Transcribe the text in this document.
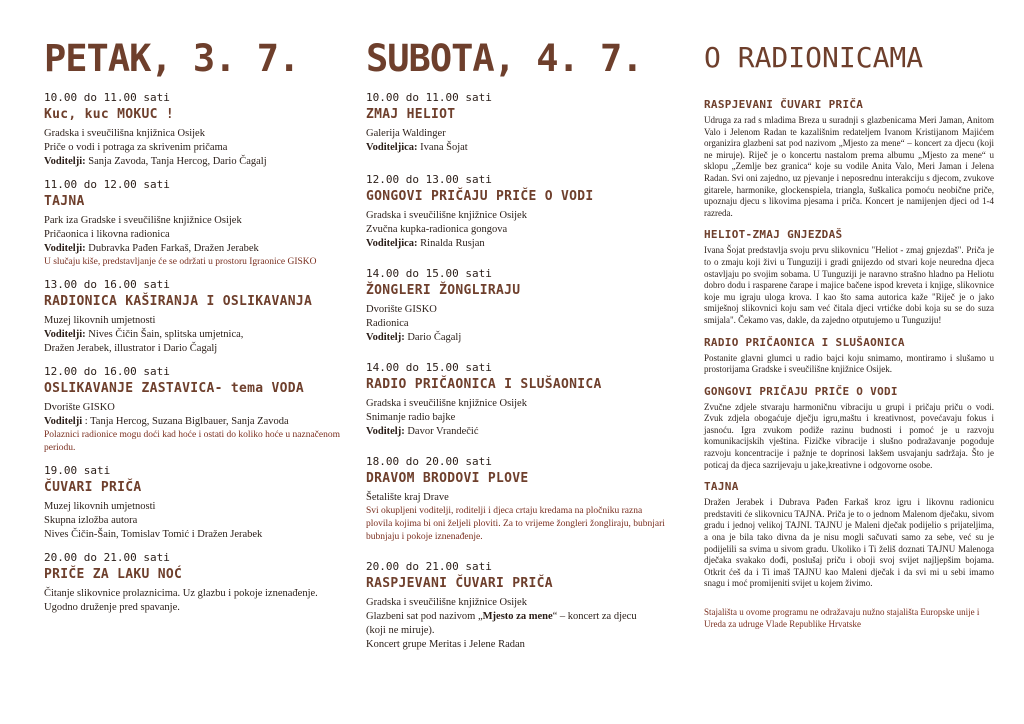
PETAK, 3. 7.
10.00 do 11.00 sati
Kuc, kuc MOKUC !
Gradska i sveučilišna knjižnica Osijek
Priče o vodi i potraga za skrivenim pričama
Voditelji: Sanja Zavoda, Tanja Hercog, Dario Čagalj
11.00 do 12.00 sati
TAJNA
Park iza Gradske i sveučilišne knjižnice Osijek
Pričaonica i likovna radionica
Voditelji: Dubravka Pađen Farkaš, Dražen Jerabek
U slučaju kiše, predstavljanje će se održati u prostoru Igraonice GISKO
13.00 do 16.00 sati
RADIONICA KAŠIRANJA I OSLIKAVANJA
Muzej likovnih umjetnosti
Voditelji: Nives Čičin Šain, splitska umjetnica,
Dražen Jerabek, illustrator i Dario Čagalj
12.00 do 16.00 sati
OSLIKAVANJE ZASTAVICA- tema VODA
Dvorište GISKO
Voditelji : Tanja Hercog, Suzana Biglbauer, Sanja Zavoda
Polaznici radionice mogu doći kad hoće i ostati do koliko hoće u naznačenom periodu.
19.00 sati
ČUVARI PRIČA
Muzej likovnih umjetnosti
Skupna izložba autora
Nives Čičin-Šain, Tomislav Tomić i Dražen Jerabek
20.00 do 21.00 sati
PRIČE ZA LAKU NOĆ
Čitanje slikovnice prolaznicima. Uz glazbu i pokoje iznenađenje.
Ugodno druženje pred spavanje.
SUBOTA, 4. 7.
10.00 do 11.00 sati
ZMAJ HELIOT
Galerija Waldinger
Voditeljica: Ivana Šojat
12.00 do 13.00 sati
GONGOVI PRIČAJU PRIČE O VODI
Gradska i sveučilišne knjižnice Osijek
Zvučna kupka-radionica gongova
Voditeljica: Rinalda Rusjan
14.00 do 15.00 sati
ŽONGLERI ŽONGLIRAJU
Dvorište GISKO
Radionica
Voditelj: Dario Čagalj
14.00 do 15.00 sati
RADIO PRIČAONICA I SLUŠAONICA
Gradska i sveučilišne knjižnice Osijek
Snimanje radio bajke
Voditelj: Davor Vrandečić
18.00 do 20.00 sati
DRAVOM BRODOVI PLOVE
Šetalište kraj Drave
Svi okupljeni voditelji, roditelji i djeca crtaju kredama na pločniku razna plovila kojima bi oni željeli ploviti. Za to vrijeme žongleri žongliraju, bubnjari bubnjaju i pokoje iznenađenje.
20.00 do 21.00 sati
RASPJEVANI ČUVARI PRIČA
Gradska i sveučilišne knjižnice Osijek
Glazbeni sat pod nazivom „Mjesto za mene“ – koncert za djecu
(koji ne miruje).
Koncert grupe Meritas i Jelene Radan
O RADIONICAMA
RASPJEVANI ČUVARI PRIČA
Udruga za rad s mladima Breza u suradnji s glazbenicama Meri Jaman, Anitom Valo i Jelenom Radan te kazališnim redateljem Ivanom Kristijanom Majićem organizira glazbeni sat pod nazivom „Mjesto za mene“ – koncert za djecu (koji ne miruje). Riječ je o koncertu nastalom prema albumu „Mjesto za mene“ u sklopu „Zemlje bez granica“ koje su vodile Anita Valo, Meri Jaman i Jelena Radan. Svi oni zajedno, uz pjevanje i neposrednu interakciju s djecom, zvukove gitarele, harmonike, glockenspiela, triangla, šuškalica pomoću neobične priče, upoznaju djecu s likovima pjesama i priča. Koncert je namijenjen djeci od 1-4 razreda.
HELIOT-ZMAJ GNJEZDAŠ
Ivana Šojat predstavlja svoju prvu slikovnicu "Heliot - zmaj gnjezdaš". Priča je to o zmaju koji živi u Tunguziji i gradi gnijezdo od stvari koje neuredna djeca ostavljaju po svojim sobama. U Tunguziji je naravno strašno hladno pa Heliotu dobro dodu i rasparene čarape i majice bačene ispod kreveta i knjige, slikovnice koje mu igraju uloga krova. I kao što sama autorica kaže "Riječ je o jako smiješnoj slikovnici koju sam već čitala djeci vrtićke dobi koja su se do suza smijala". Čekamo vas, dakle, da zajedno otputujemo u Tunguziju!
RADIO PRIČAONICA I SLUŠAONICA
Postanite glavni glumci u radio bajci koju snimamo, montiramo i slušamo u prostorijama Gradske i sveučilišne knjižnice Osijek.
GONGOVI PRIČAJU PRIČE O VODI
Zvučne zdjele stvaraju harmoničnu vibraciju u grupi i pričaju priču o vodi. Zvuk zdjela obogaćuje dječju igru,maštu i kreativnost, povećavaju fokus i jasnoću. Igra zvukom podiže razinu budnosti i pomoć je u razvoju komunikacijskih vještina. Fizičke vibracije i slušno podražavanje pogoduje razvoju koncentracije i pažnje te doprinosi lakšem usvajanju sadržaja. Što je poticaj da djeca sazrijevaju u jake,kreativne i odgovorne osobe.
TAJNA
Dražen Jerabek i Dubrava Pađen Farkaš kroz igru i likovnu radionicu predstaviti će slikovnicu TAJNA. Priča je to o jednom Malenom dječaku, sivom gradu i jednoj velikoj TAJNI. TAJNU je Maleni dječak podijelio s prijateljima, a ona je bila tako divna da je nisu mogli sačuvati samo za sebe, već su je podijelili sa svima u sivom gradu. Ukoliko i Ti želiš doznati TAJNU Malenoga dječaka svakako dođi, poslušaj priču i oboji svoj svijet najljepšim bojama. Otkrit ćeš da i Ti imaš TAJNU kao Maleni dječak i da svi mi u sebi imamo snagu i moć promijeniti svijet u kojem živimo.
Stajališta u ovome programu ne odražavaju nužno stajališta Europske unije i Ureda za udruge Vlade Republike Hrvatske
